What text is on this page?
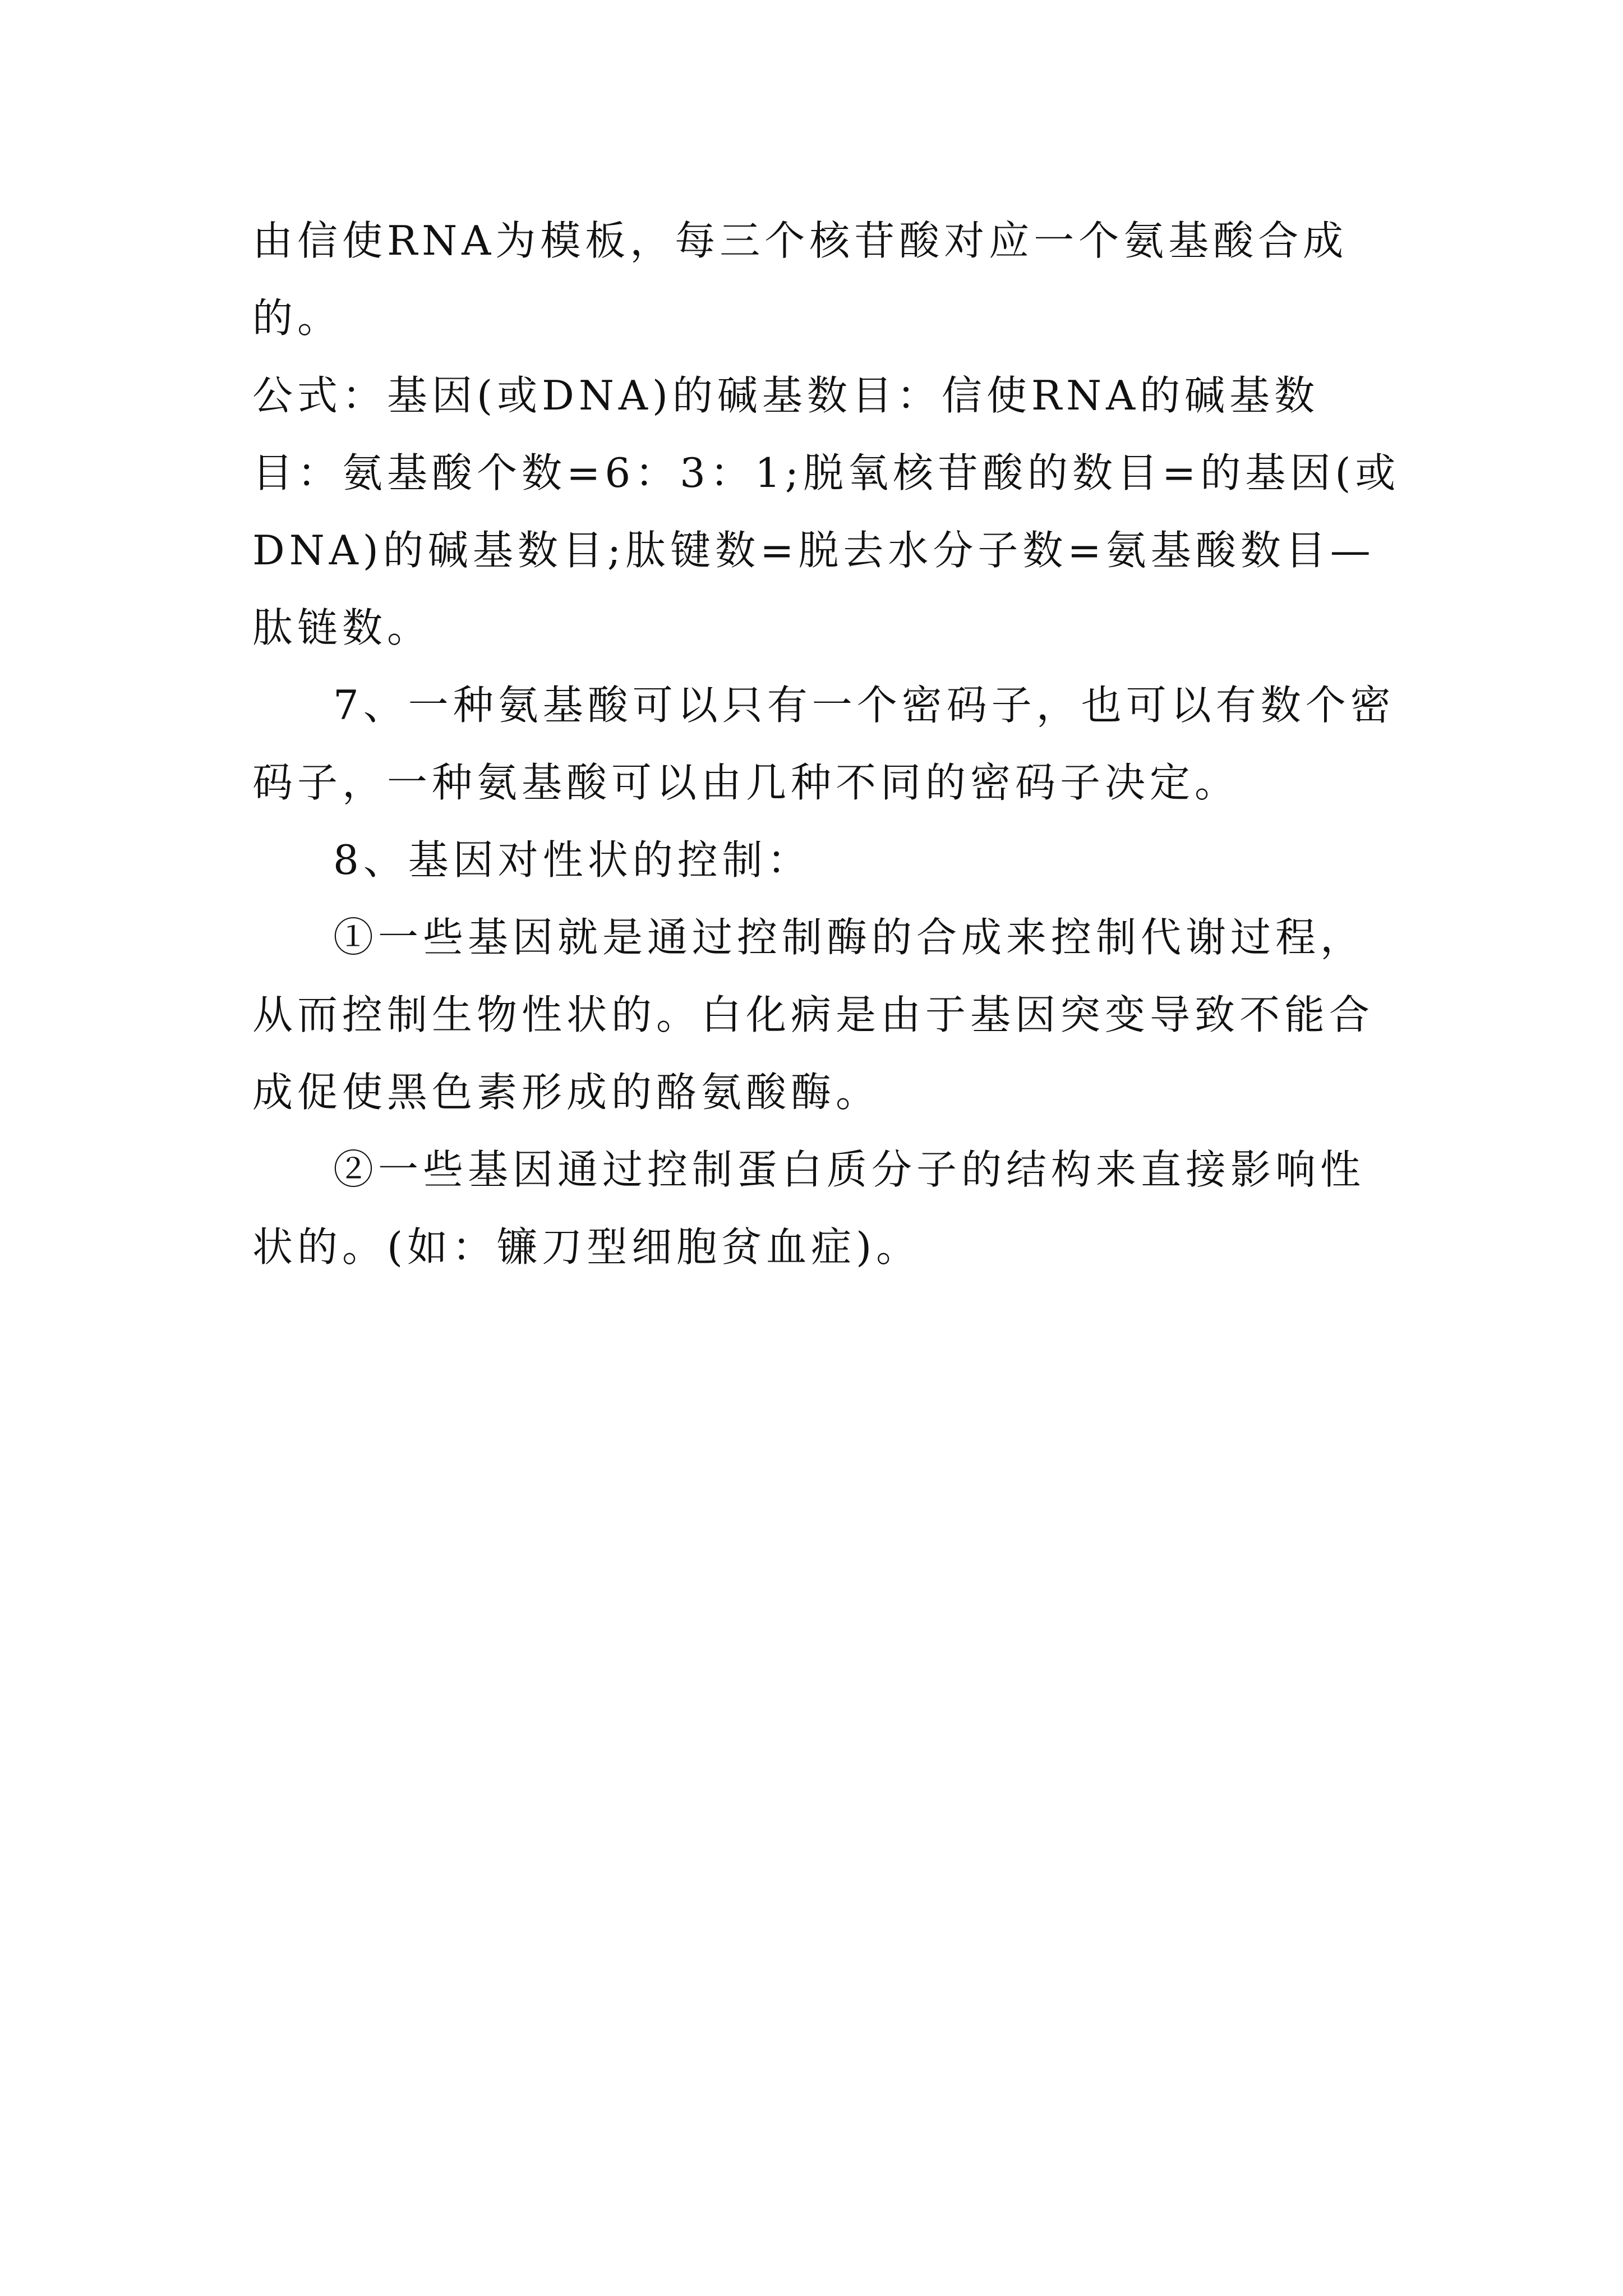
由信使RNA为模板，每三个核苷酸对应一个氨基酸合成的。

公式：基因(或DNA)的碱基数目：信使RNA的碱基数目：氨基酸个数=6：3：1;脱氧核苷酸的数目=的基因(或DNA)的碱基数目;肽键数=脱去水分子数=氨基酸数目—肽链数。

7、一种氨基酸可以只有一个密码子，也可以有数个密码子，一种氨基酸可以由几种不同的密码子决定。

8、基因对性状的控制：

①一些基因就是通过控制酶的合成来控制代谢过程，从而控制生物性状的。白化病是由于基因突变导致不能合成促使黑色素形成的酪氨酸酶。

②一些基因通过控制蛋白质分子的结构来直接影响性状的。(如：镰刀型细胞贫血症)。
